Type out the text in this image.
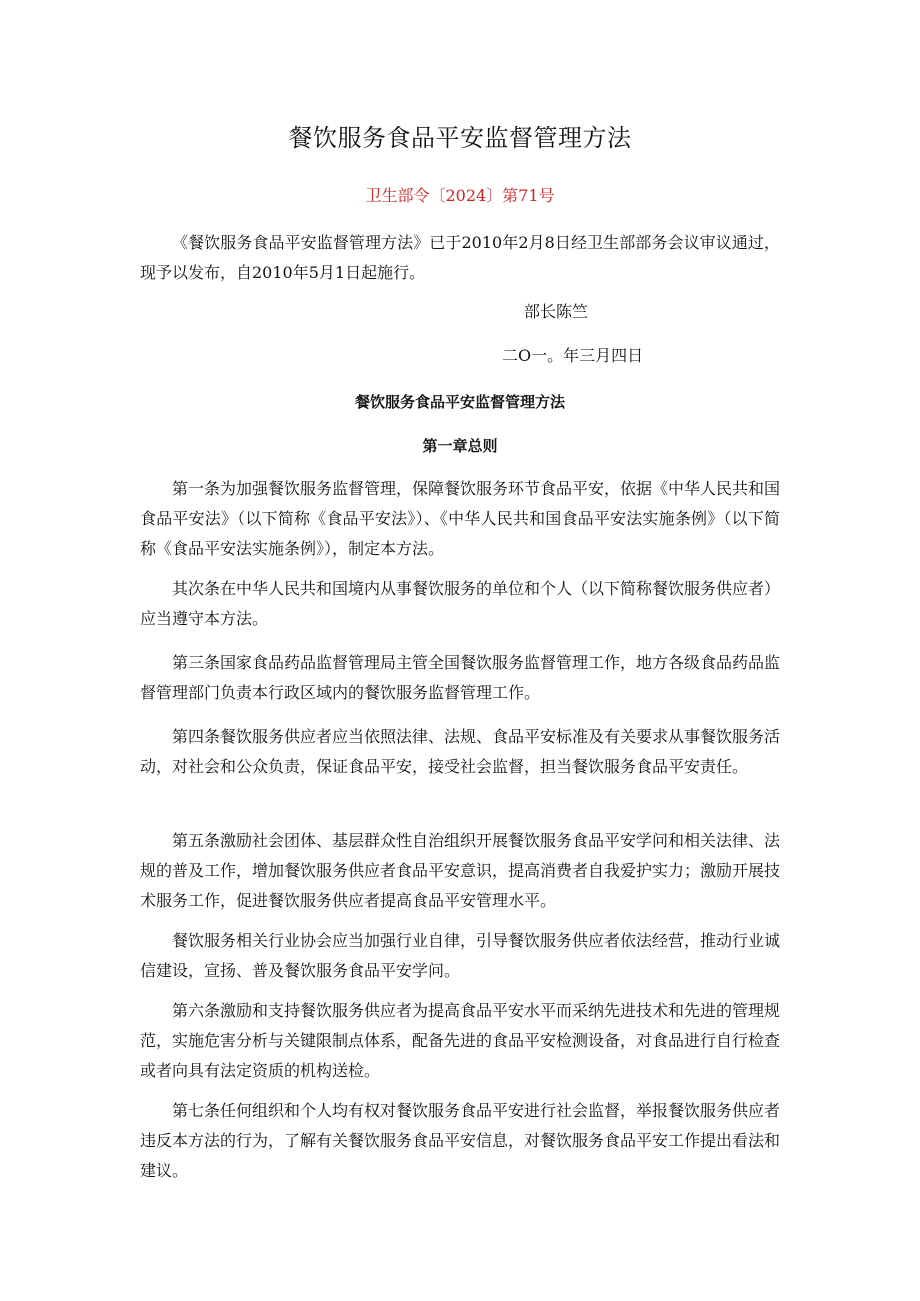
餐饮服务食品平安监督管理方法
卫生部令〔2024〕第71号

《餐饮服务食品平安监督管理方法》已于2010年2月8日经卫生部部务会议审议通过，现予以发布，自2010年5月1日起施行。

部长陈竺
二O一。年三月四日
餐饮服务食品平安监督管理方法
第一章总则

第一条为加强餐饮服务监督管理，保障餐饮服务环节食品平安，依据《中华人民共和国食品平安法》（以下简称《食品平安法》）、《中华人民共和国食品平安法实施条例》（以下简称《食品平安法实施条例》），制定本方法。

其次条在中华人民共和国境内从事餐饮服务的单位和个人（以下简称餐饮服务供应者）应当遵守本方法。

第三条国家食品药品监督管理局主管全国餐饮服务监督管理工作，地方各级食品药品监督管理部门负责本行政区域内的餐饮服务监督管理工作。

第四条餐饮服务供应者应当依照法律、法规、食品平安标准及有关要求从事餐饮服务活动，对社会和公众负责，保证食品平安，接受社会监督，担当餐饮服务食品平安责任。

第五条激励社会团体、基层群众性自治组织开展餐饮服务食品平安学问和相关法律、法规的普及工作，增加餐饮服务供应者食品平安意识，提高消费者自我爱护实力；激励开展技术服务工作，促进餐饮服务供应者提高食品平安管理水平。

餐饮服务相关行业协会应当加强行业自律，引导餐饮服务供应者依法经营，推动行业诚信建设，宣扬、普及餐饮服务食品平安学问。

第六条激励和支持餐饮服务供应者为提高食品平安水平而采纳先进技术和先进的管理规范，实施危害分析与关键限制点体系，配备先进的食品平安检测设备，对食品进行自行检查或者向具有法定资质的机构送检。

第七条任何组织和个人均有权对餐饮服务食品平安进行社会监督，举报餐饮服务供应者违反本方法的行为，了解有关餐饮服务食品平安信息，对餐饮服务食品平安工作提出看法和建议。
